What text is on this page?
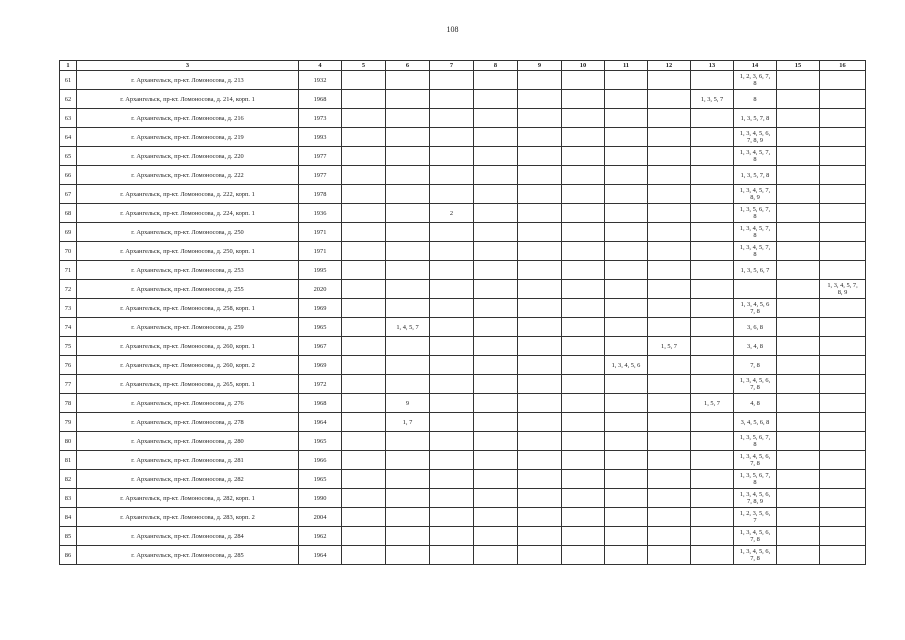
108
1	3	4	5	6	7	8	9	10	11	12	13	14	15	16
61	г. Архангельск, пр-кт. Ломоносова, д. 213	1932										1, 2, 3, 6, 7,
8		
62	г. Архангельск, пр-кт. Ломоносова, д. 214, корп. 1	1968									1, 3, 5, 7	8		
63	г. Архангельск, пр-кт. Ломоносова, д. 216	1973										1, 3, 5, 7, 8		
64	г. Архангельск, пр-кт. Ломоносова, д. 219	1993										1, 3, 4, 5, 6,
7, 8, 9		
65	г. Архангельск, пр-кт. Ломоносова, д. 220	1977										1, 3, 4, 5, 7,
8		
66	г. Архангельск, пр-кт. Ломоносова, д. 222	1977										1, 3, 5, 7, 8		
67	г. Архангельск, пр-кт. Ломоносова, д. 222, корп. 1	1978										1, 3, 4, 5, 7,
8, 9		
68	г. Архангельск, пр-кт. Ломоносова, д. 224, корп. 1	1936			2							1, 3, 5, 6, 7,
8		
69	г. Архангельск, пр-кт. Ломоносова, д. 250	1971										1, 3, 4, 5, 7,
8		
70	г. Архангельск, пр-кт. Ломоносова, д. 250, корп. 1	1971										1, 3, 4, 5, 7,
8		
71	г. Архангельск, пр-кт. Ломоносова, д. 253	1995										1, 3, 5, 6, 7		
72	г. Архангельск, пр-кт. Ломоносова, д. 255	2020												1, 3, 4, 5, 7,
8, 9
73	г. Архангельск, пр-кт. Ломоносова, д. 258, корп. 1	1969										1, 3, 4, 5, 6
7, 8		
74	г. Архангельск, пр-кт. Ломоносова, д. 259	1965		1, 4, 5, 7								3, 6, 8		
75	г. Архангельск, пр-кт. Ломоносова, д. 260, корп. 1	1967								1, 5, 7		3, 4, 8		
76	г. Архангельск, пр-кт. Ломоносова, д. 260, корп. 2	1969							1, 3, 4, 5, 6			7, 8		
77	г. Архангельск, пр-кт. Ломоносова, д. 265, корп. 1	1972										1, 3, 4, 5, 6,
7, 8		
78	г. Архангельск, пр-кт. Ломоносова, д. 276	1968		9							1, 5, 7	4, 8		
79	г. Архангельск, пр-кт. Ломоносова, д. 278	1964		1, 7								3, 4, 5, 6, 8		
80	г. Архангельск, пр-кт. Ломоносова, д. 280	1965										1, 3, 5, 6, 7,
8		
81	г. Архангельск, пр-кт. Ломоносова, д. 281	1966										1, 3, 4, 5, 6,
7, 8		
82	г. Архангельск, пр-кт. Ломоносова, д. 282	1965										1, 3, 5, 6, 7,
8		
83	г. Архангельск, пр-кт. Ломоносова, д. 282, корп. 1	1990										1, 3, 4, 5, 6,
7, 8, 9		
84	г. Архангельск, пр-кт. Ломоносова, д. 283, корп. 2	2004										1, 2, 3, 5, 6,
7		
85	г. Архангельск, пр-кт. Ломоносова, д. 284	1962										1, 3, 4, 5, 6,
7, 8		
86	г. Архангельск, пр-кт. Ломоносова, д. 285	1964										1, 3, 4, 5, 6,
7, 8		
